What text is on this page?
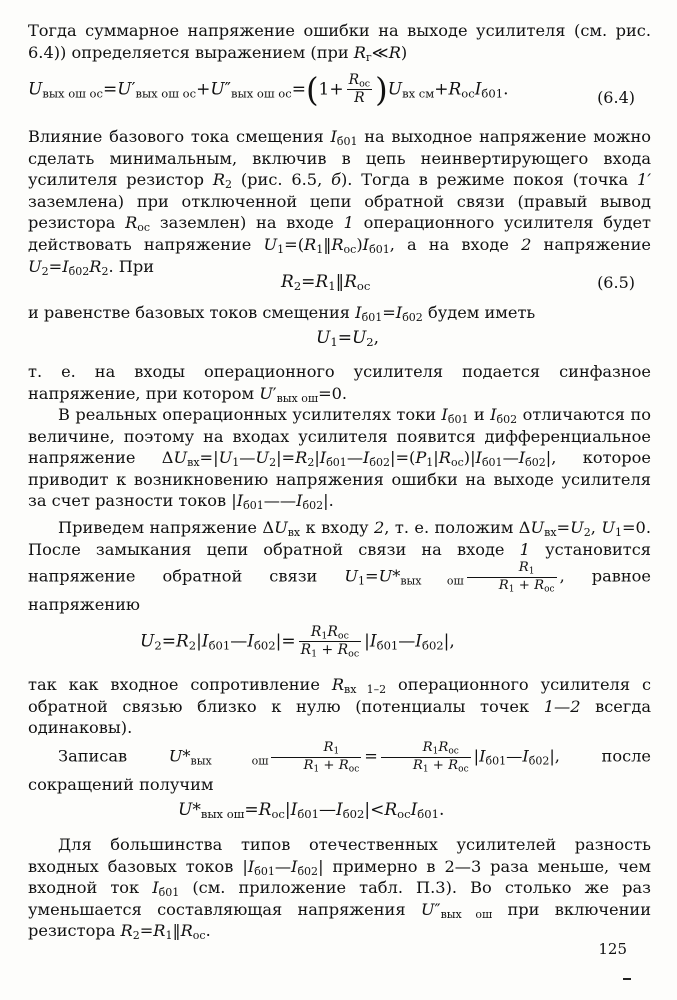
Тогда суммарное напряжение ошибки на выходе усилителя (см. рис. 6.4)) определяется выражением (при $R_г≪R$)

$U_{вых ош ос}=U'_{вых ош ос}+U''_{вых ош ос}=(1+ \frac{R_{ос}}{R} )U_{вх см}+R_{ос}I_{б01}$.	(6.4)

Влияние базового тока смещения $I_{б01}$ на выходное напряжение можно сделать минимальным, включив в цепь неинвертирующего входа усилителя резистор $R_2$ (рис. 6.5, б). Тогда в режиме покоя (точка 1′ заземлена) при отключенной цепи обратной связи (правый вывод резистора $R_{ос}$ заземлен) на входе 1 операционного усилителя будет действовать напряжение $U_1=(R_1‖R_{ос})I_{б01}$, а на входе 2 напряжение $U_2=I_{б02}R_2$. При

$R_2=R_1‖R_{ос}$	(6.5)

и равенстве базовых токов смещения $I_{б01}=I_{б02}$ будем иметь

$U_1=U_2$,

т. е. на входы операционного усилителя подается синфазное напряжение, при котором $U'_{вых ош}=0$.

В реальных операционных усилителях токи $I_{б01}$ и $I_{б02}$ отличаются по величине, поэтому на входах усилителя появится дифференциальное напряжение $\Delta U_{вх}=|U_1—U_2|=R_2|I_{б01}—I_{б02}|=(P_1|R_{ос})|I_{б01}—I_{б02}|$, которое приводит к возникновению напряжения ошибки на выходе усилителя за счет разности токов $|I_{б01}——I_{б02}|$.

Приведем напряжение $\Delta U_{вх}$ к входу 2, т. е. положим $\Delta U_{вх}=U_2$, $U_1=0$. После замыкания цепи обратной связи на входе 1 установится напряжение обратной связи $U_1=U*_{вых ош} \frac{R_1}{R_1 + R_{ос}}$ , равное напряжению

$U_2=R_2|I_{б01}—I_{б02}|= \frac{R_1R_{ос}}{R_1 + R_{ос}}$ $|I_{б01}—I_{б02}|$,

так как входное сопротивление $R_{вх 1-2}$ операционного усилителя с обратной связью близко к нулю (потенциалы точек 1—2 всегда одинаковы).

Записав $U*_{вых ош} \frac{R_1}{R_1 + R_{ос}} = \frac{R_1R_{ос}}{R_1 + R_{ос}}$ $|I_{б01}—I_{б02}|$, после сокращений получим

$U*_{вых ош}=R_{ос}|I_{б01}—I_{б02}|<R_{ос}I_{б01}$.

Для большинства типов отечественных усилителей разность входных базовых токов $|I_{б01}—I_{б02}|$ примерно в 2—3 раза меньше, чем входной ток $I_{б01}$ (см. приложение табл. П.3). Во столько же раз уменьшается составляющая напряжения $U''_{вых ош}$ при включении резистора $R_2=R_1‖R_{ос}$.

125
